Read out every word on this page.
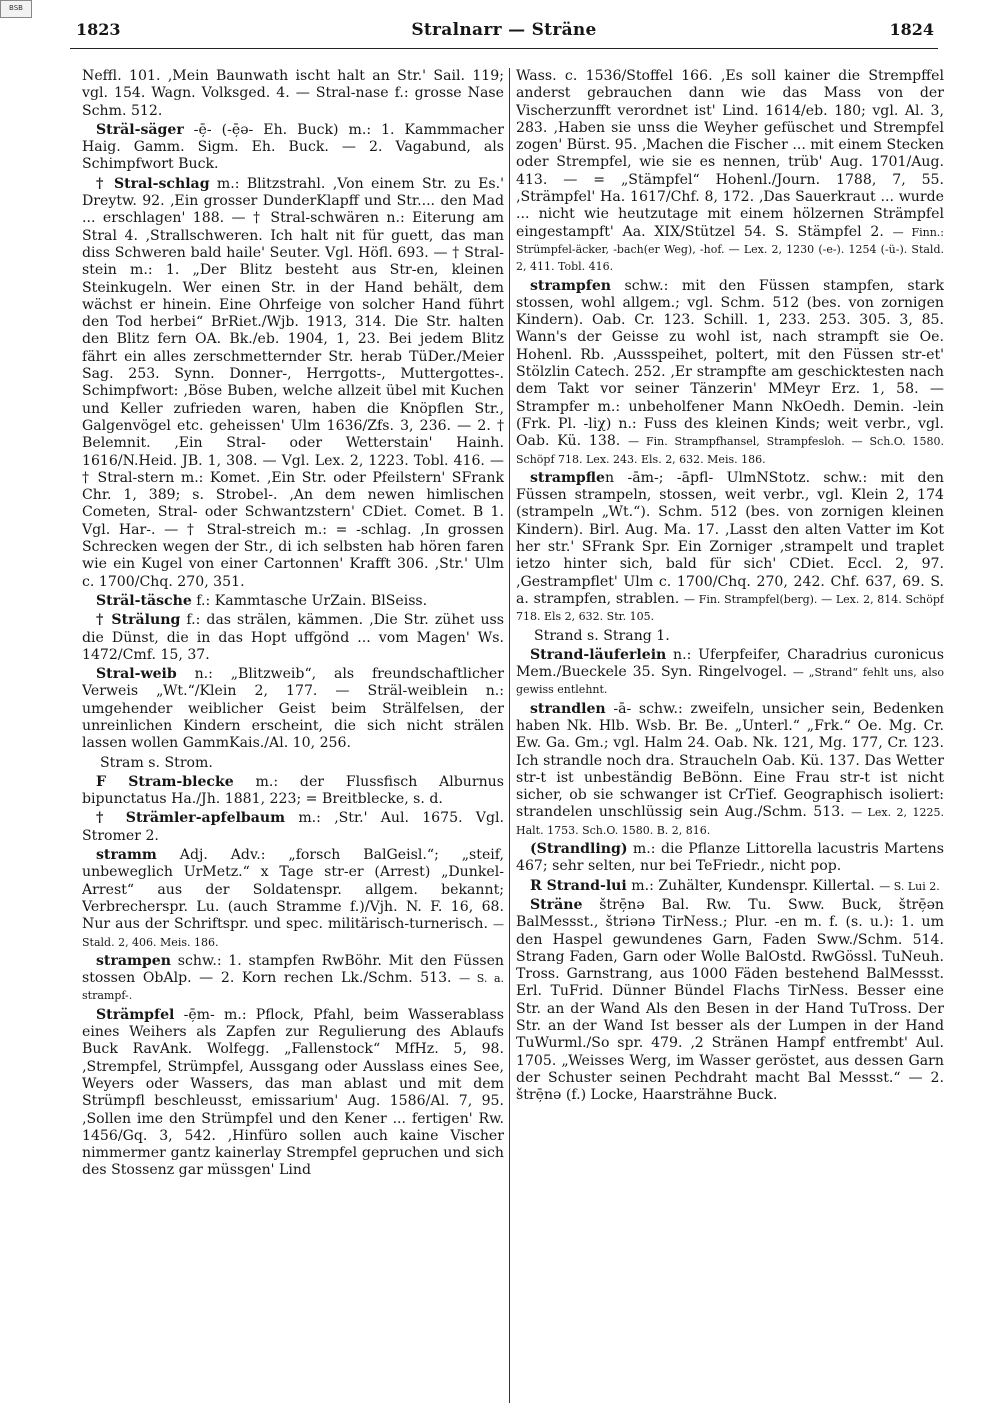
BSB
1823	Stralnarr — Sträne	1824

Neffl. 101. ‚Mein Baunwath ischt halt an Str.' Sail. 119; vgl. 154. Wagn. Volksged. 4. — Stral-nase f.: grosse Nase Schm. 512.

Sträl-säger -ē̦- (-ē̦ə- Eh. Buck) m.: 1. Kammmacher Haig. Gamm. Sigm. Eh. Buck. — 2. Vagabund, als Schimpfwort Buck.

† Stral-schlag m.: Blitzstrahl. ‚Von einem Str. zu Es.' Dreytw. 92. ‚Ein grosser DunderKlapff und Str.... den Mad ... erschlagen' 188. — † Stral-schwären n.: Eiterung am Stral 4. ‚Strallschweren. Ich halt nit für guett, das man diss Schweren bald haile' Seuter. Vgl. Höfl. 693. — † Stral-stein m.: 1. „Der Blitz besteht aus Str-en, kleinen Steinkugeln. Wer einen Str. in der Hand behält, dem wächst er hinein. Eine Ohrfeige von solcher Hand führt den Tod herbei“ BrRiet./Wjb. 1913, 314. Die Str. halten den Blitz fern OA. Bk./eb. 1904, 1, 23. Bei jedem Blitz fährt ein alles zerschmetternder Str. herab TüDer./Meier Sag. 253. Synn. Donner-, Herrgotts-, Muttergottes-. Schimpfwort: ‚Böse Buben, welche allzeit übel mit Kuchen und Keller zufrieden waren, haben die Knöpflen Str., Galgenvögel etc. geheissen' Ulm 1636/Zfs. 3, 236. — 2. † Belemnit. ‚Ein Stral- oder Wetterstain' Hainh. 1616/N.Heid. JB. 1, 308. — Vgl. Lex. 2, 1223. Tobl. 416. — † Stral-stern m.: Komet. ‚Ein Str. oder Pfeilstern' SFrank Chr. 1, 389; s. Strobel-. ‚An dem newen himlischen Cometen, Stral- oder Schwantzstern' CDiet. Comet. B 1. Vgl. Har-. — † Stral-streich m.: = -schlag. ‚In grossen Schrecken wegen der Str., di ich selbsten hab hören faren wie ein Kugel von einer Cartonnen' Krafft 306. ‚Str.' Ulm c. 1700/Chq. 270, 351.

Sträl-täsche f.: Kammtasche UrZain. BlSeiss.

† Strälung f.: das strälen, kämmen. ‚Die Str. zühet uss die Dünst, die in das Hopt uffgönd ... vom Magen' Ws. 1472/Cmf. 15, 37.

Stral-weib n.: „Blitzweib“, als freundschaftlicher Verweis „Wt.“/Klein 2, 177. — Sträl-weiblein n.: umgehender weiblicher Geist beim Strälfelsen, der unreinlichen Kindern erscheint, die sich nicht strälen lassen wollen GammKais./Al. 10, 256.

Stram s. Strom.

F Stram-blecke m.: der Flussfisch Alburnus bipunctatus Ha./Jh. 1881, 223; = Breitblecke, s. d.

† Strämler-apfelbaum m.: ‚Str.' Aul. 1675. Vgl. Stromer 2.

stramm Adj. Adv.: „forsch BalGeisl.“; „steif, unbeweglich UrMetz.“ x Tage str-er (Arrest) „Dunkel-Arrest“ aus der Soldatenspr. allgem. bekannt; Verbrecherspr. Lu. (auch Stramme f.)/Vjh. N. F. 16, 68. Nur aus der Schriftspr. und spec. militärisch-turnerisch. — Stald. 2, 406. Meis. 186.

strampen schw.: 1. stampfen RwBöhr. Mit den Füssen stossen ObAlp. — 2. Korn rechen Lk./Schm. 513. — S. a. strampf-.

Strämpfel -ē̦m- m.: Pflock, Pfahl, beim Wasserablass eines Weihers als Zapfen zur Regulierung des Ablaufs Buck RavAnk. Wolfegg. „Fallenstock“ MfHz. 5, 98. ‚Strempfel, Strümpfel, Aussgang oder Ausslass eines See, Weyers oder Wassers, das man ablast und mit dem Strümpfl beschleusst, emissarium' Aug. 1586/Al. 7, 95. ‚Sollen ime den Strümpfel und den Kener ... fertigen' Rw. 1456/Gq. 3, 542. ‚Hinfüro sollen auch kaine Vischer nimmermer gantz kainerlay Strempfel gepruchen und sich des Stossenz gar müssgen' Lind

Wass. c. 1536/Stoffel 166. ‚Es soll kainer die Strempffel anderst gebrauchen dann wie das Mass von der Vischerzunfft verordnet ist' Lind. 1614/eb. 180; vgl. Al. 3, 283. ‚Haben sie unss die Weyher gefüschet und Strempfel zogen' Bürst. 95. ‚Machen die Fischer ... mit einem Stecken oder Strempfel, wie sie es nennen, trüb' Aug. 1701/Aug. 413. — = „Stämpfel“ Hohenl./Journ. 1788, 7, 55. ‚Strämpfel' Ha. 1617/Chf. 8, 172. ‚Das Sauerkraut ... wurde ... nicht wie heutzutage mit einem hölzernen Strämpfel eingestampft' Aa. XIX/Stützel 54. S. Stämpfel 2. — Finn.: Strümpfel-äcker, -bach(er Weg), -hof. — Lex. 2, 1230 (-e-). 1254 (-ü-). Stald. 2, 411. Tobl. 416.

strampfen schw.: mit den Füssen stampfen, stark stossen, wohl allgem.; vgl. Schm. 512 (bes. von zornigen Kindern). Oab. Cr. 123. Schill. 1, 233. 253. 305. 3, 85. Wann's der Geisse zu wohl ist, nach strampft sie Oe. Hohenl. Rb. ‚Aussspeihet, poltert, mit den Füssen str-et' Stölzlin Catech. 252. ‚Er strampfte am geschicktesten nach dem Takt vor seiner Tänzerin' MMeyr Erz. 1, 58. — Strampfer m.: unbeholfener Mann NkOedh. Demin. -lein (Frk. Pl. -liχ) n.: Fuss des kleinen Kinds; weit verbr., vgl. Oab. Kü. 138. — Fin. Strampfhansel, Strampfesloh. — Sch.O. 1580. Schöpf 718. Lex. 243. Els. 2, 632. Meis. 186.

strampflen -ām-; -āpfl- UlmNStotz. schw.: mit den Füssen strampeln, stossen, weit verbr., vgl. Klein 2, 174 (strampeln „Wt.“). Schm. 512 (bes. von zornigen kleinen Kindern). Birl. Aug. Ma. 17. ‚Lasst den alten Vatter im Kot her str.' SFrank Spr. Ein Zorniger ‚strampelt und traplet ietzo hinter sich, bald für sich' CDiet. Eccl. 2, 97. ‚Gestrampflet' Ulm c. 1700/Chq. 270, 242. Chf. 637, 69. S. a. strampfen, strablen. — Fin. Strampfel(berg). — Lex. 2, 814. Schöpf 718. Els 2, 632. Str. 105.

Strand s. Strang 1.

Strand-läuferlein n.: Uferpfeifer, Charadrius curonicus Mem./Bueckele 35. Syn. Ringelvogel. — „Strand“ fehlt uns, also gewiss entlehnt.

strandlen -ā- schw.: zweifeln, unsicher sein, Bedenken haben Nk. Hlb. Wsb. Br. Be. „Unterl.“ „Frk.“ Oe. Mg. Cr. Ew. Ga. Gm.; vgl. Halm 24. Oab. Nk. 121, Mg. 177, Cr. 123. Ich strandle noch dra. Straucheln Oab. Kü. 137. Das Wetter str-t ist unbeständig BeBönn. Eine Frau str-t ist nicht sicher, ob sie schwanger ist CrTief. Geographisch isoliert: strandelen unschlüssig sein Aug./Schm. 513. — Lex. 2, 1225. Halt. 1753. Sch.O. 1580. B. 2, 816.

(Strandling) m.: die Pflanze Littorella lacustris Martens 467; sehr selten, nur bei TeFriedr., nicht pop.

R Strand-lui m.: Zuhälter, Kundenspr. Killertal. — S. Lui 2.

Sträne štrē̦nə Bal. Rw. Tu. Sww. Buck, štrē̦ən BalMessst., štriənə TirNess.; Plur. -en m. f. (s. u.): 1. um den Haspel gewundenes Garn, Faden Sww./Schm. 514. Strang Faden, Garn oder Wolle BalOstd. RwGössl. TuNeuh. Tross. Garnstrang, aus 1000 Fäden bestehend BalMessst. Erl. TuFrid. Dünner Bündel Flachs TirNess. Besser eine Str. an der Wand Als den Besen in der Hand TuTross. Der Str. an der Wand Ist besser als der Lumpen in der Hand TuWurml./So spr. 479. ‚2 Stränen Hampf entfrembt' Aul. 1705. „Weisses Werg, im Wasser geröstet, aus dessen Garn der Schuster seinen Pechdraht macht Bal Messst.“ — 2. štrē̦nə (f.) Locke, Haarsträhne Buck.
